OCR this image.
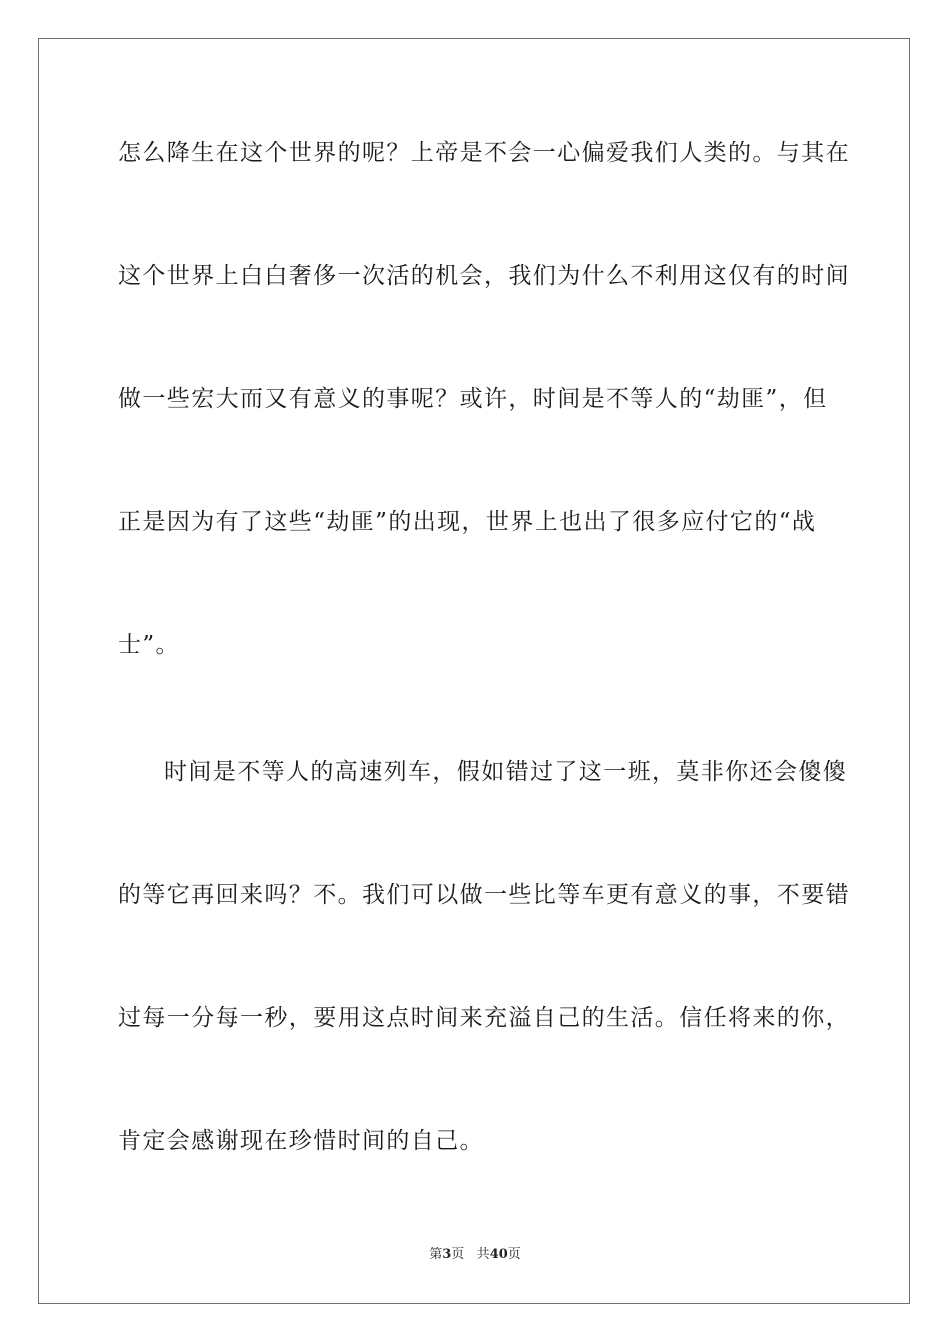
怎么降生在这个世界的呢？上帝是不会一心偏爱我们人类的。与其在
这个世界上白白奢侈一次活的机会，我们为什么不利用这仅有的时间
做一些宏大而又有意义的事呢？或许，时间是不等人的“劫匪”，但
正是因为有了这些“劫匪”的出现，世界上也出了很多应付它的“战
士”。
时间是不等人的高速列车，假如错过了这一班，莫非你还会傻傻
的等它再回来吗？不。我们可以做一些比等车更有意义的事，不要错
过每一分每一秒，要用这点时间来充溢自己的生活。信任将来的你，
肯定会感谢现在珍惜时间的自己。
第3页 共40页
